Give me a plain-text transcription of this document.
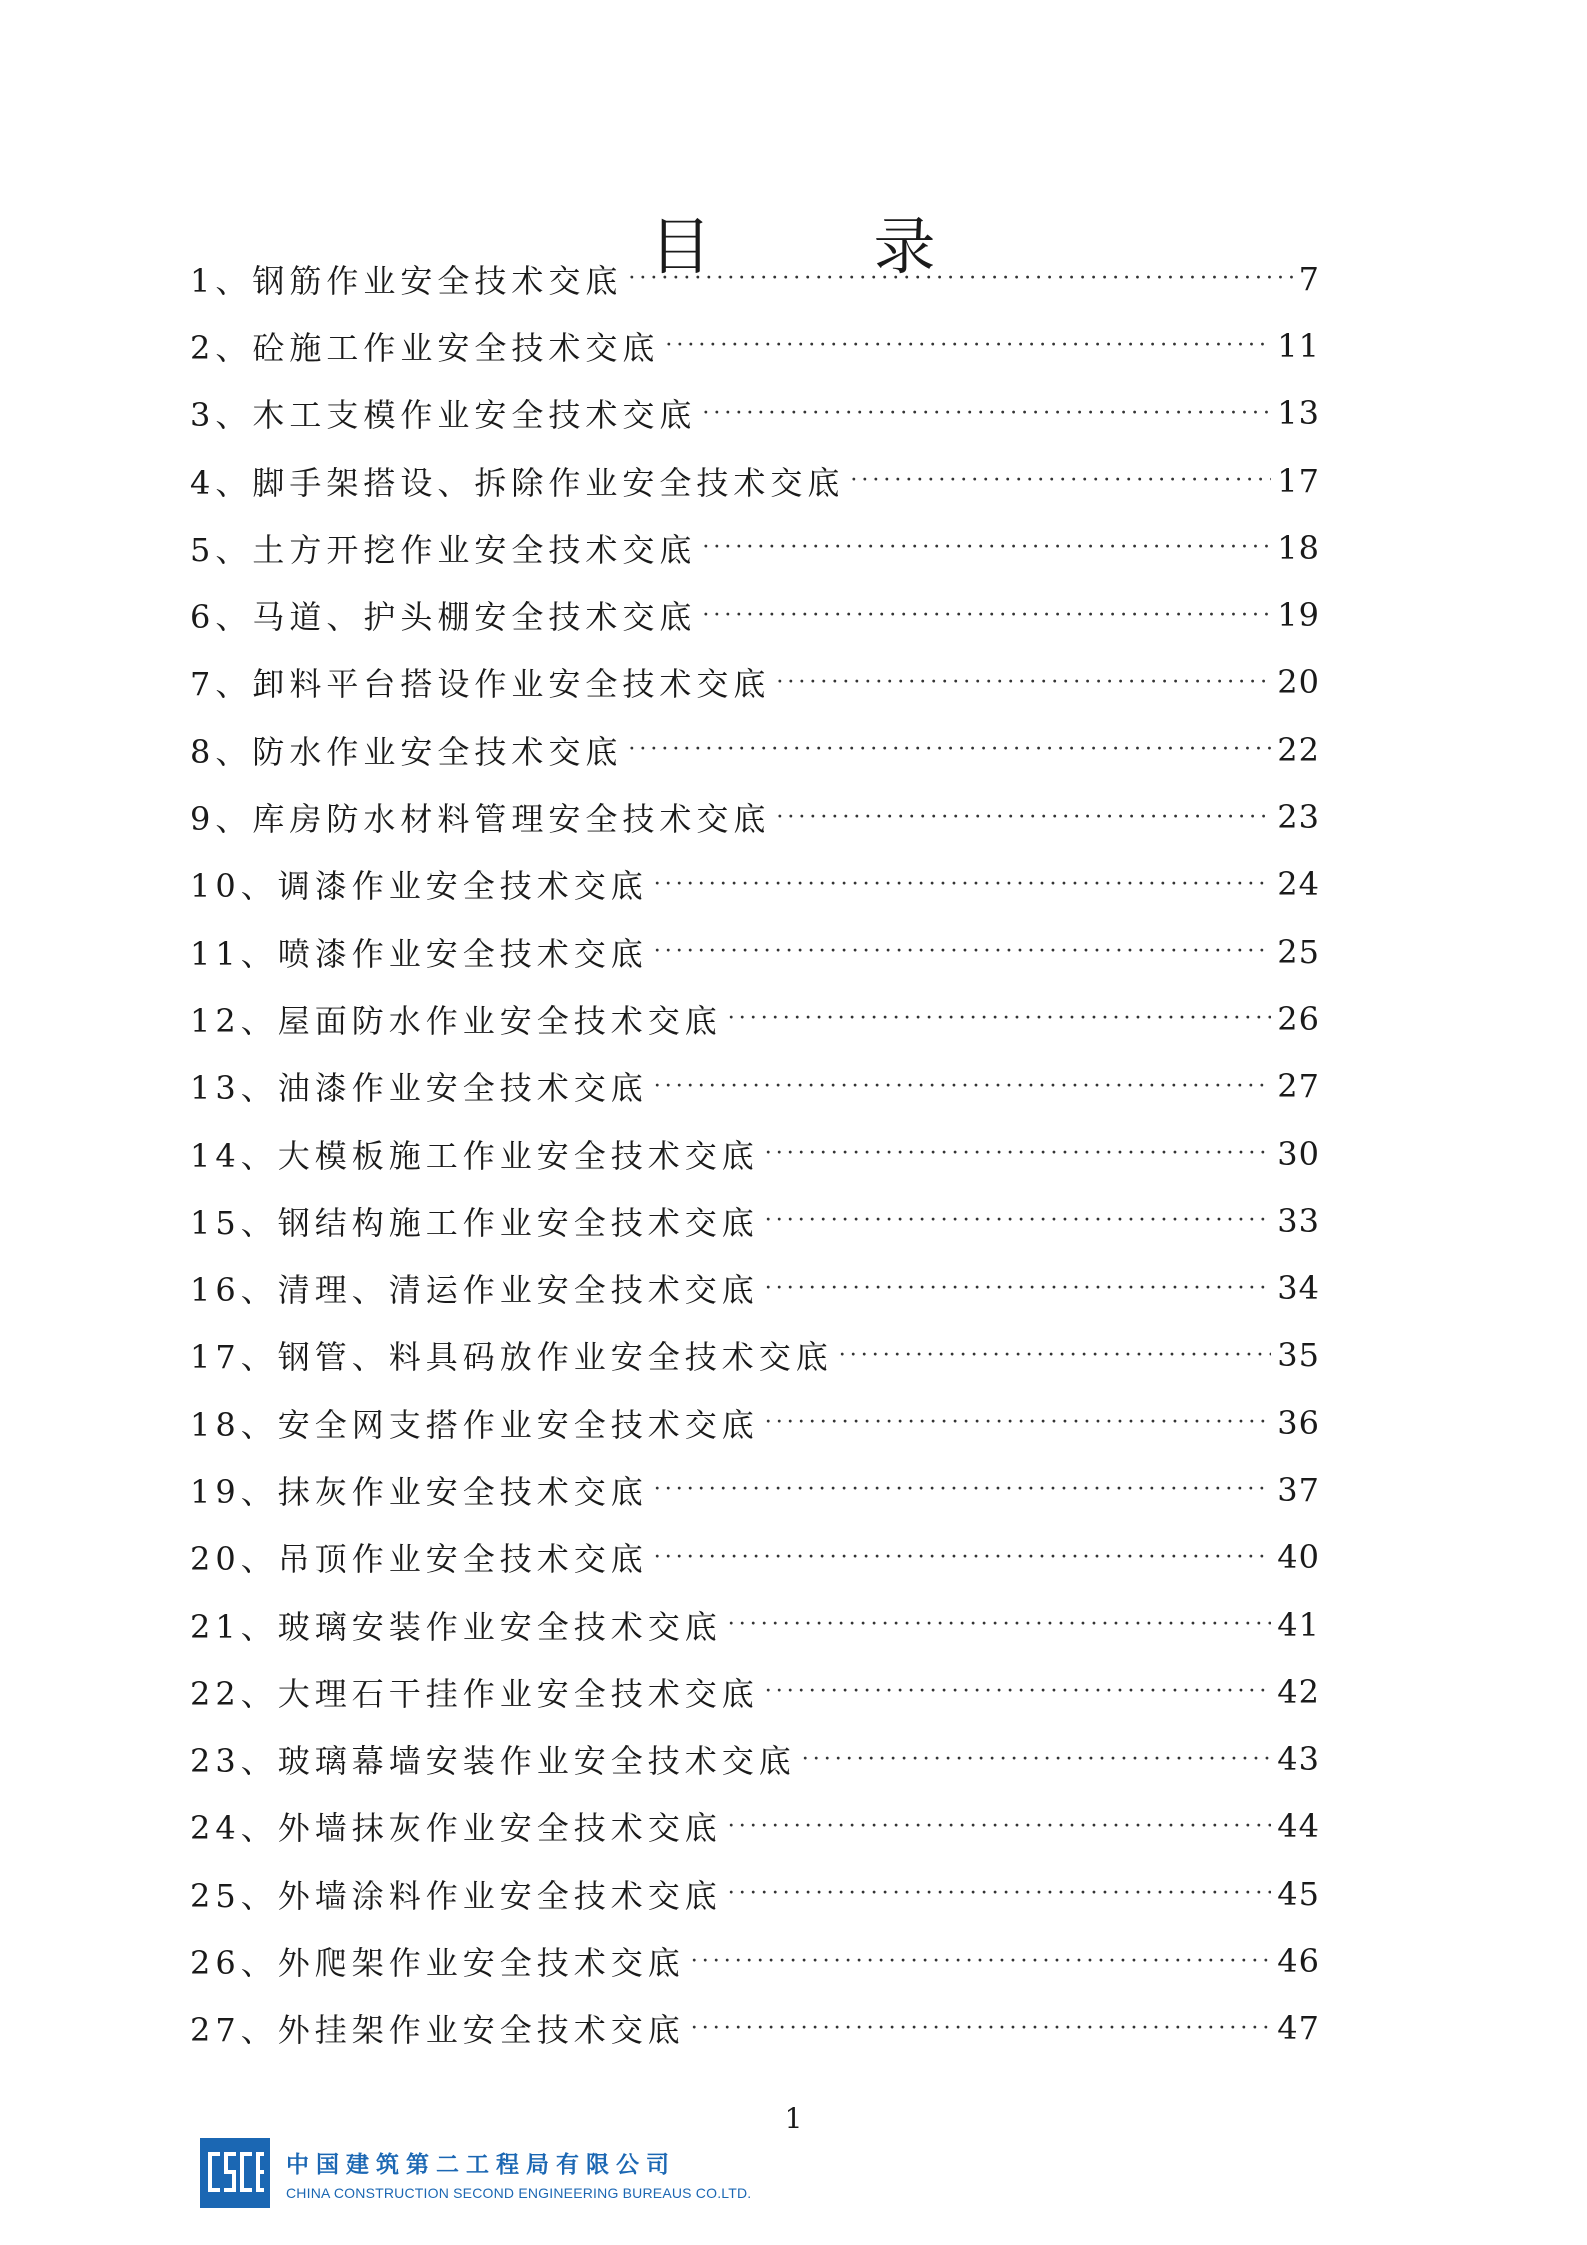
目	录
1、钢筋作业安全技术交底 ·····	7
2、砼施工作业安全技术交底 ·····	11
3、木工支模作业安全技术交底 ·····	13
4、脚手架搭设、拆除作业安全技术交底 ·····	17
5、土方开挖作业安全技术交底 ·····	18
6、马道、护头棚安全技术交底 ·····	19
7、卸料平台搭设作业安全技术交底 ·····	20
8、防水作业安全技术交底 ·····	22
9、库房防水材料管理安全技术交底 ·····	23
10、调漆作业安全技术交底 ·····	24
11、喷漆作业安全技术交底 ·····	25
12、屋面防水作业安全技术交底 ·····	26
13、油漆作业安全技术交底 ·····	27
14、大模板施工作业安全技术交底 ·····	30
15、钢结构施工作业安全技术交底 ·····	33
16、清理、清运作业安全技术交底 ·····	34
17、钢管、料具码放作业安全技术交底 ·····	35
18、安全网支搭作业安全技术交底 ·····	36
19、抹灰作业安全技术交底 ·····	37
20、吊顶作业安全技术交底 ·····	40
21、玻璃安装作业安全技术交底 ·····	41
22、大理石干挂作业安全技术交底 ·····	42
23、玻璃幕墙安装作业安全技术交底 ·····	43
24、外墙抹灰作业安全技术交底 ·····	44
25、外墙涂料作业安全技术交底 ·····	45
26、外爬架作业安全技术交底 ·····	46
27、外挂架作业安全技术交底 ·····	47
1
中国建筑第二工程局有限公司
CHINA CONSTRUCTION SECOND ENGINEERING BUREAUS CO.LTD.
